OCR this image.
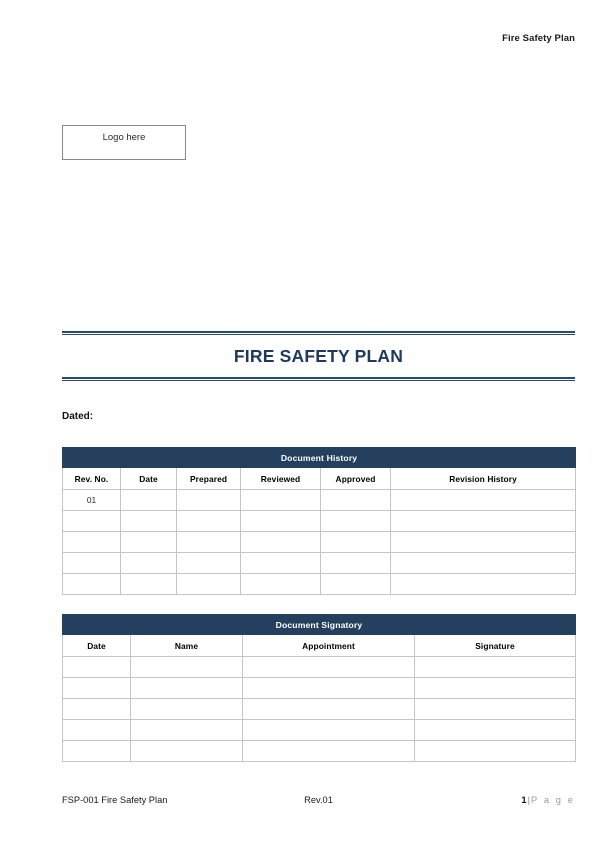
Fire Safety Plan
Logo here
FIRE SAFETY PLAN
Dated:
Document History					
Rev. No.	Date	Prepared	Reviewed	Approved	Revision History
01					

Document Signatory			
Date	Name	Appointment	Signature

FSP-001 Fire Safety Plan	Rev.01	1|P a g e
